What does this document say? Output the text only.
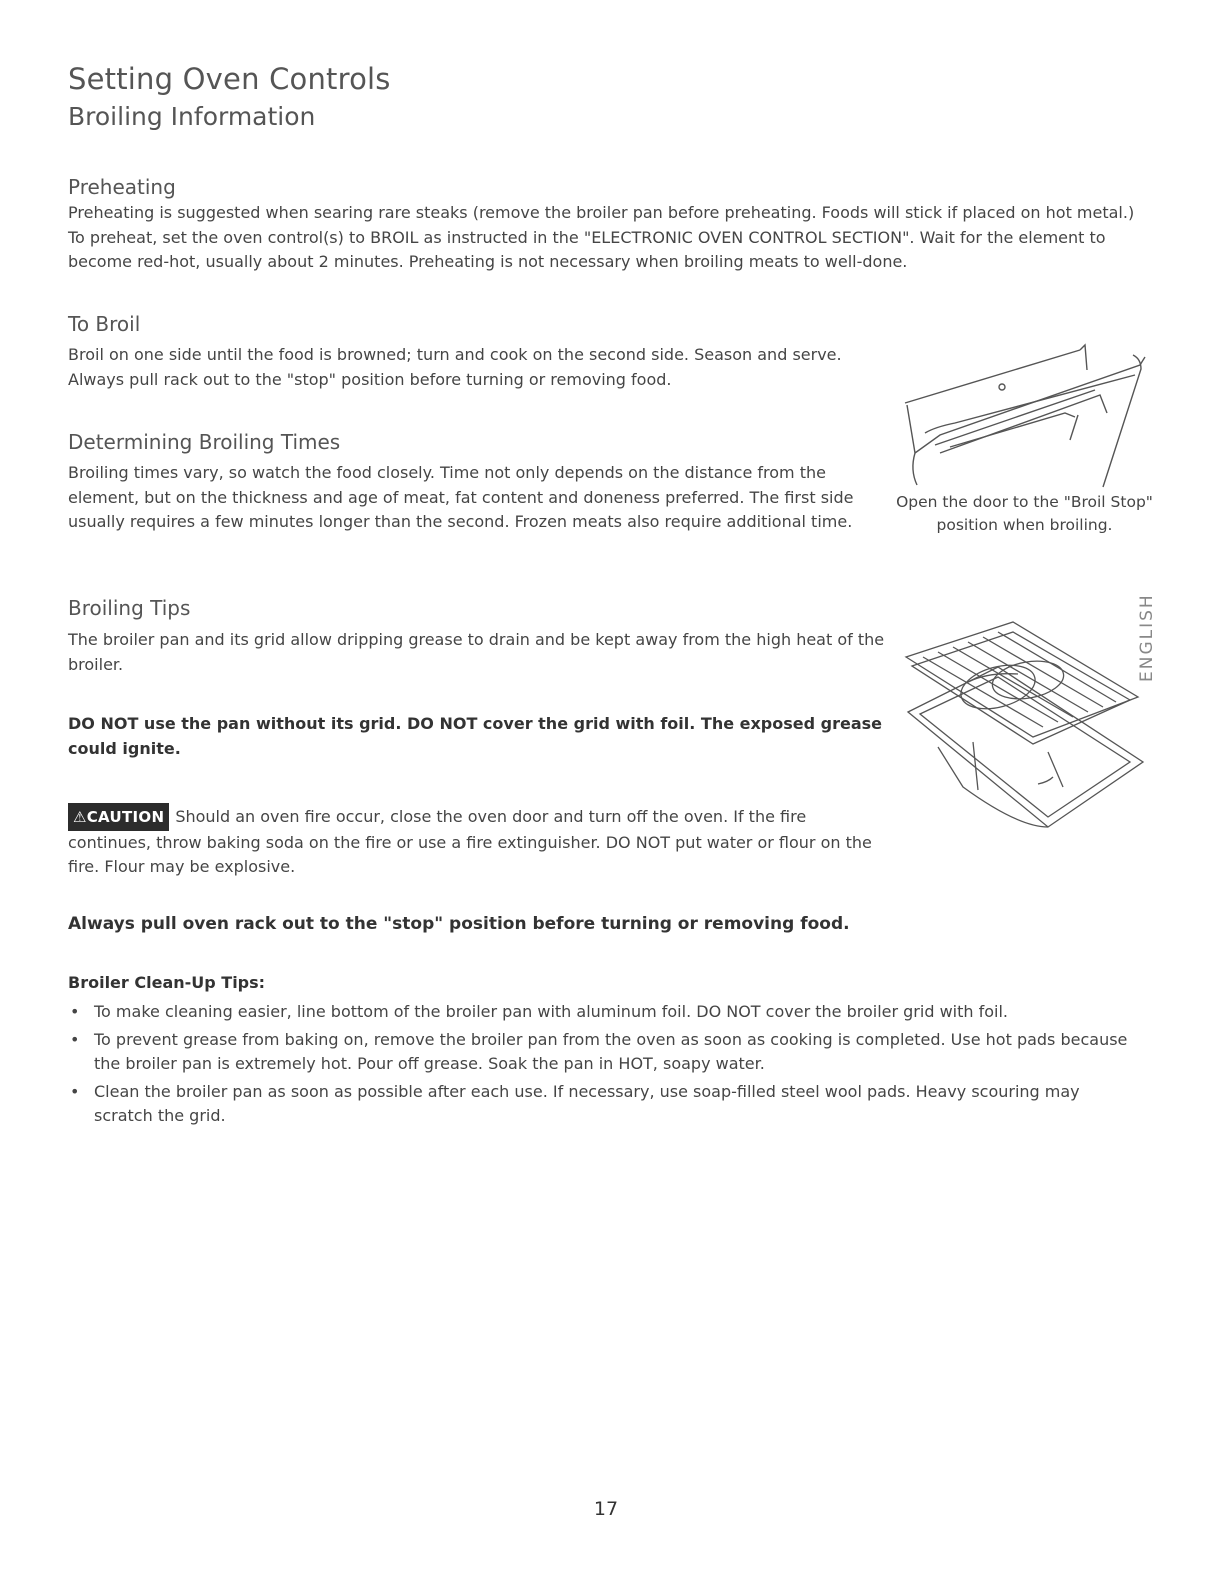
Setting Oven Controls
Broiling Information
Preheating

Preheating is suggested when searing rare steaks (remove the broiler pan before preheating. Foods will stick if placed on hot metal.) To preheat, set the oven control(s) to BROIL as instructed in the "ELECTRONIC OVEN CONTROL SECTION". Wait for the element to become red-hot, usually about 2 minutes. Preheating is not necessary when broiling meats to well-done.

To Broil

Broil on one side until the food is browned; turn and cook on the second side. Season and serve. Always pull rack out to the "stop" position before turning or removing food.

Determining Broiling Times

Broiling times vary, so watch the food closely. Time not only depends on the distance from the element, but on the thickness and age of meat, fat content and doneness preferred. The first side usually requires a few minutes longer than the second. Frozen meats also require additional time.

Open the door to the "Broil Stop" position when broiling.
ENGLISH
Broiling Tips

The broiler pan and its grid allow dripping grease to drain and be kept away from the high heat of the broiler.

DO NOT use the pan without its grid. DO NOT cover the grid with foil. The exposed grease could ignite.

⚠CAUTION Should an oven fire occur, close the oven door and turn off the oven. If the fire continues, throw baking soda on the fire or use a fire extinguisher. DO NOT put water or flour on the fire. Flour may be explosive.

Always pull oven rack out to the "stop" position before turning or removing food.

Broiler Clean-Up Tips:
• To make cleaning easier, line bottom of the broiler pan with aluminum foil. DO NOT cover the broiler grid with foil.
• To prevent grease from baking on, remove the broiler pan from the oven as soon as cooking is completed. Use hot pads because the broiler pan is extremely hot. Pour off grease. Soak the pan in HOT, soapy water.
• Clean the broiler pan as soon as possible after each use. If necessary, use soap-filled steel wool pads. Heavy scouring may scratch the grid.
17
